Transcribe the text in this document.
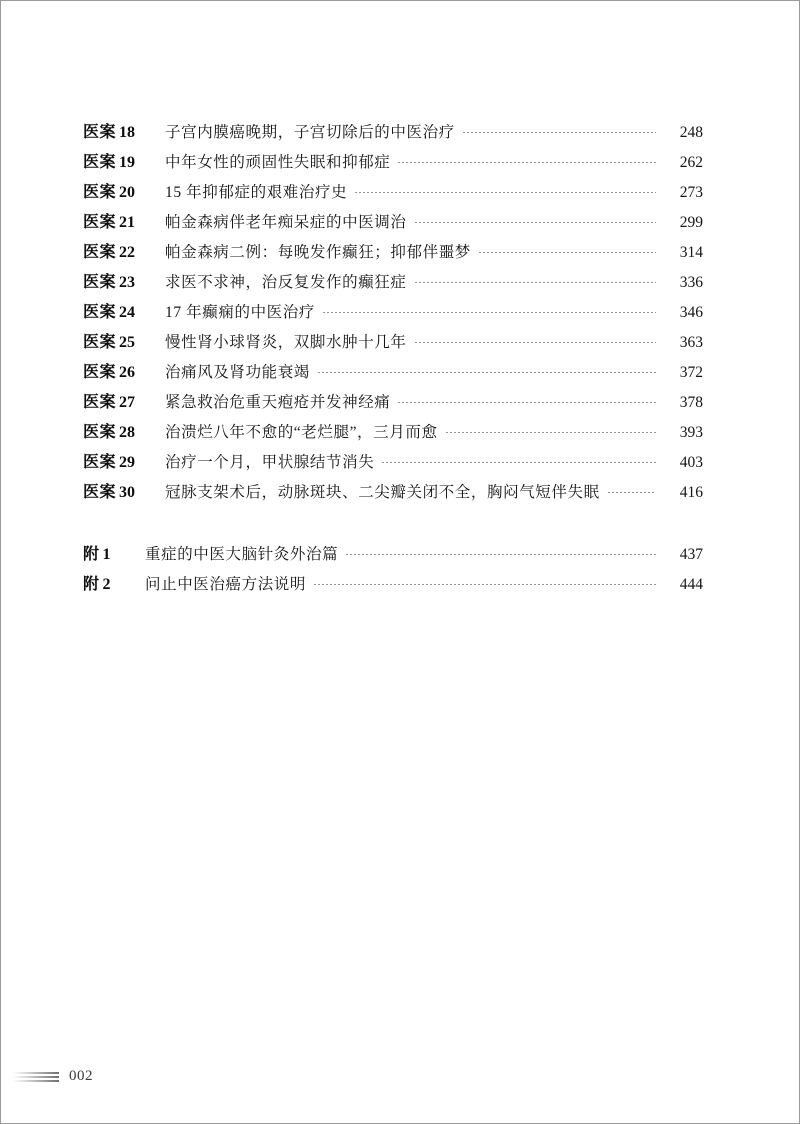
医案 18	子宫内膜癌晚期，子宫切除后的中医治疗	248
医案 19	中年女性的顽固性失眠和抑郁症	262
医案 20	15 年抑郁症的艰难治疗史	273
医案 21	帕金森病伴老年痴呆症的中医调治	299
医案 22	帕金森病二例：每晚发作癫狂；抑郁伴噩梦	314
医案 23	求医不求神，治反复发作的癫狂症	336
医案 24	17 年癫痫的中医治疗	346
医案 25	慢性肾小球肾炎，双脚水肿十几年	363
医案 26	治痛风及肾功能衰竭	372
医案 27	紧急救治危重天疱疮并发神经痛	378
医案 28	治溃烂八年不愈的“老烂腿”，三月而愈	393
医案 29	治疗一个月，甲状腺结节消失	403
医案 30	冠脉支架术后，动脉斑块、二尖瓣关闭不全，胸闷气短伴失眠	416
附 1	重症的中医大脑针灸外治篇	437
附 2	问止中医治癌方法说明	444
002
